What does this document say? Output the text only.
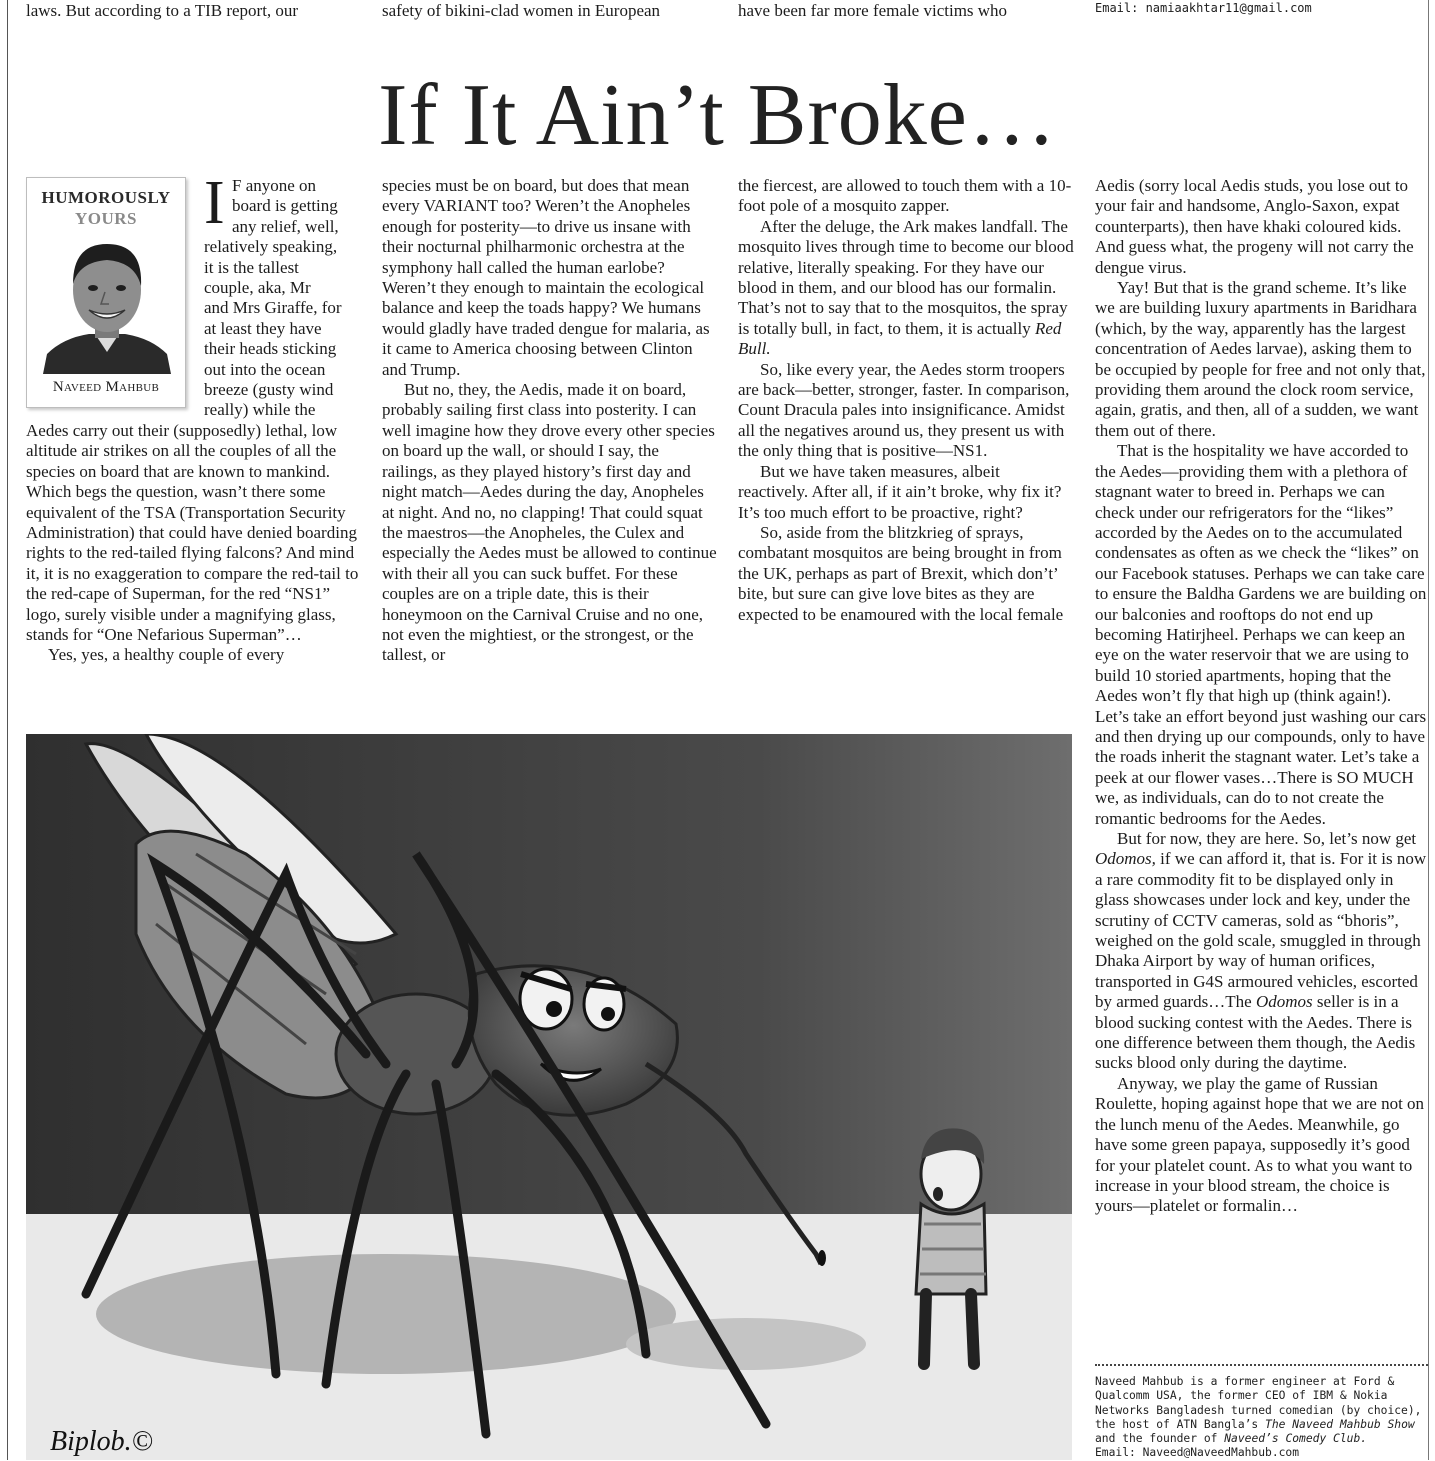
laws. But according to a TIB report, our	safety of bikini-clad women in European	have been far more female victims who	Email: namiaakhtar11@gmail.com
If It Ain’t Broke…
HUMOROUSLY
YOURS
Naveed Mahbub
I F anyone on
board is getting
any relief, well,
relatively speaking,
it is the tallest
couple, aka, Mr
and Mrs Giraffe, for
at least they have
their heads sticking
out into the ocean
breeze (gusty wind
really) while the

Aedes carry out their (supposedly) lethal, low altitude air strikes on all the couples of all the species on board that are known to mankind. Which begs the question, wasn’t there some equivalent of the TSA (Transportation Security Administration) that could have denied boarding rights to the red-tailed flying falcons? And mind it, it is no exaggeration to compare the red-tail to the red-cape of Superman, for the red “NS1” logo, surely visible under a magnifying glass, stands for “One Nefarious Superman”…

Yes, yes, a healthy couple of every

species must be on board, but does that mean every VARIANT too? Weren’t the Anopheles enough for posterity—to drive us insane with their nocturnal philharmonic orchestra at the symphony hall called the human earlobe? Weren’t they enough to maintain the ecological balance and keep the toads happy? We humans would gladly have traded dengue for malaria, as it came to America choosing between Clinton and Trump.

But no, they, the Aedis, made it on board, probably sailing first class into posterity. I can well imagine how they drove every other species on board up the wall, or should I say, the railings, as they played history’s first day and night match—Aedes during the day, Anopheles at night. And no, no clapping! That could squat the maestros—the Anopheles, the Culex and especially the Aedes must be allowed to continue with their all you can suck buffet. For these couples are on a triple date, this is their honeymoon on the Carnival Cruise and no one, not even the mightiest, or the strongest, or the tallest, or

the fiercest, are allowed to touch them with a 10-foot pole of a mosquito zapper.

After the deluge, the Ark makes landfall. The mosquito lives through time to become our blood relative, literally speaking. For they have our blood in them, and our blood has our formalin. That’s not to say that to the mosquitos, the spray is totally bull, in fact, to them, it is actually Red Bull.

So, like every year, the Aedes storm troopers are back—better, stronger, faster. In comparison, Count Dracula pales into insignificance. Amidst all the negatives around us, they present us with the only thing that is positive—NS1.

But we have taken measures, albeit reactively. After all, if it ain’t broke, why fix it? It’s too much effort to be proactive, right?

So, aside from the blitzkrieg of sprays, combatant mosquitos are being brought in from the UK, perhaps as part of Brexit, which don’t’ bite, but sure can give love bites as they are expected to be enamoured with the local female

Aedis (sorry local Aedis studs, you lose out to your fair and handsome, Anglo-Saxon, expat counterparts), then have khaki coloured kids. And guess what, the progeny will not carry the dengue virus.

Yay! But that is the grand scheme. It’s like we are building luxury apartments in Baridhara (which, by the way, apparently has the largest concentration of Aedes larvae), asking them to be occupied by people for free and not only that, providing them around the clock room service, again, gratis, and then, all of a sudden, we want them out of there.

That is the hospitality we have accorded to the Aedes—providing them with a plethora of stagnant water to breed in. Perhaps we can check under our refrigerators for the “likes” accorded by the Aedes on to the accumulated condensates as often as we check the “likes” on our Facebook statuses. Perhaps we can take care to ensure the Baldha Gardens we are building on our balconies and rooftops do not end up becoming Hatirjheel. Perhaps we can keep an eye on the water reservoir that we are using to build 10 storied apartments, hoping that the Aedes won’t fly that high up (think again!). Let’s take an effort beyond just washing our cars and then drying up our compounds, only to have the roads inherit the stagnant water. Let’s take a peek at our flower vases…There is SO MUCH we, as individuals, can do to not create the romantic bedrooms for the Aedes.

But for now, they are here. So, let’s now get Odomos, if we can afford it, that is. For it is now a rare commodity fit to be displayed only in glass showcases under lock and key, under the scrutiny of CCTV cameras, sold as “bhoris”, weighed on the gold scale, smuggled in through Dhaka Airport by way of human orifices, transported in G4S armoured vehicles, escorted by armed guards…The Odomos seller is in a blood sucking contest with the Aedes. There is one difference between them though, the Aedis sucks blood only during the daytime.

Anyway, we play the game of Russian Roulette, hoping against hope that we are not on the lunch menu of the Aedes. Meanwhile, go have some green papaya, supposedly it’s good for your platelet count. As to what you want to increase in your blood stream, the choice is yours—platelet or formalin…

Naveed Mahbub is a former engineer at Ford & Qualcomm USA, the former CEO of IBM & Nokia Networks Bangladesh turned comedian (by choice), the host of ATN Bangla’s The Naveed Mahbub Show and the founder of Naveed’s Comedy Club.

Email: Naveed@NaveedMahbub.com

Biplob.©
